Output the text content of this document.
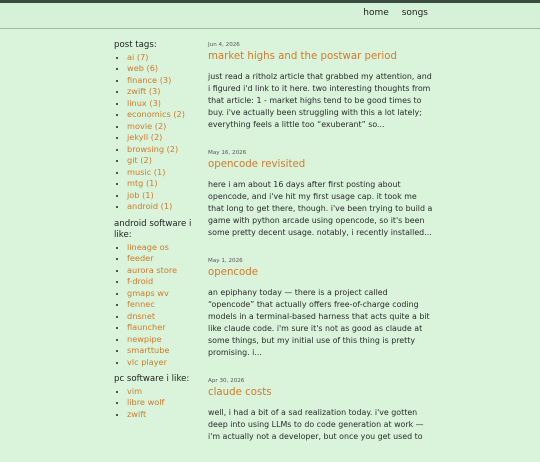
home songs
post tags:
• ai (7)
• web (6)
• finance (3)
• zwift (3)
• linux (3)
• economics (2)
• movie (2)
• jekyll (2)
• browsing (2)
• git (2)
• music (1)
• mtg (1)
• job (1)
• android (1)
android software i like:
• lineage os
• feeder
• aurora store
• f-droid
• gmaps wv
• fennec
• dnsnet
• flauncher
• newpipe
• smarttube
• vlc player
pc software i like:
• vim
• libre wolf
• zwift
Jun 4, 2026
market highs and the postwar period
just read a ritholz article that grabbed my attention, and i figured i'd link to it here. two interesting thoughts from that article: 1 - market highs tend to be good times to buy. i've actually been struggling with this a lot lately; everything feels a little too “exuberant” so...
May 16, 2026
opencode revisited
here i am about 16 days after first posting about opencode, and i've hit my first usage cap. it took me that long to get there, though. i've been trying to build a game with python arcade using opencode, so it's been some pretty decent usage. notably, i recently installed...
May 1, 2026
opencode
an epiphany today — there is a project called “opencode” that actually offers free-of-charge coding models in a terminal-based harness that acts quite a bit like claude code. i'm sure it's not as good as claude at some things, but my initial use of this thing is pretty promising. i...
Apr 30, 2026
claude costs
well, i had a bit of a sad realization today. i've gotten deep into using LLMs to do code generation at work — i'm actually not a developer, but once you get used to
